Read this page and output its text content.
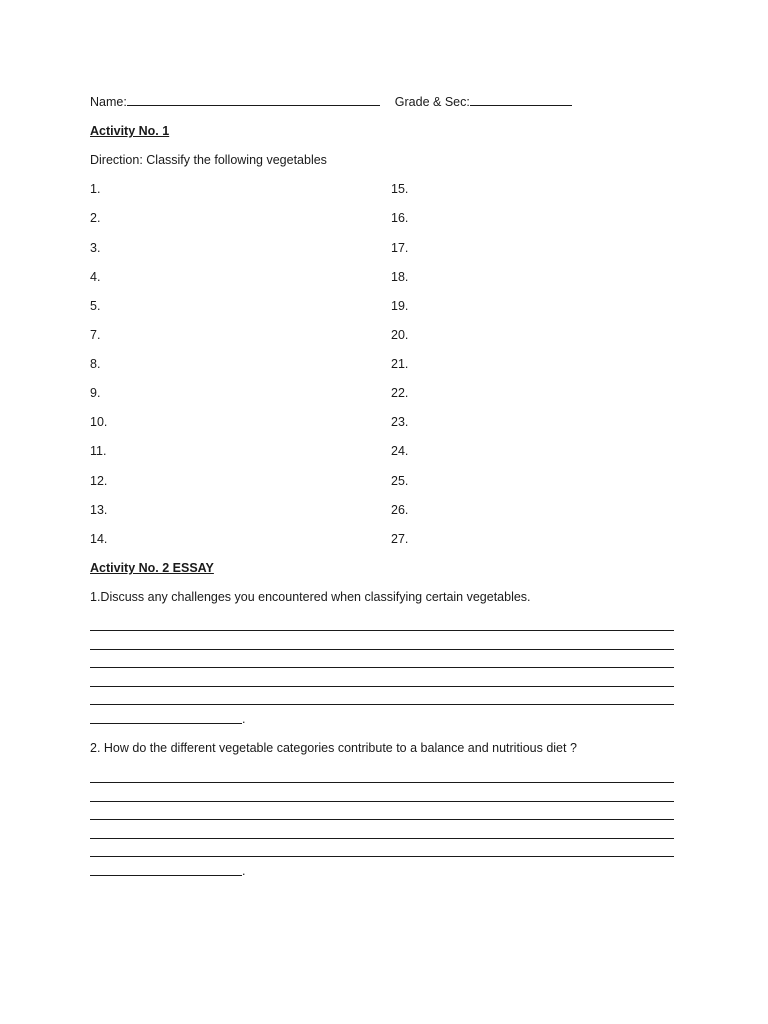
Name:	Grade & Sec:
Activity No. 1
Direction: Classify the following vegetables
1.
2.
3.
4.
5.
7.
8.
9.
10.
11.
12.
13.
14.
15.
16.
17.
18.
19.
20.
21.
22.
23.
24.
25.
26.
27.
Activity No. 2 ESSAY
1.Discuss any challenges you encountered when classifying certain vegetables.
.
2. How do the different vegetable categories contribute to a balance and nutritious diet ?
.
